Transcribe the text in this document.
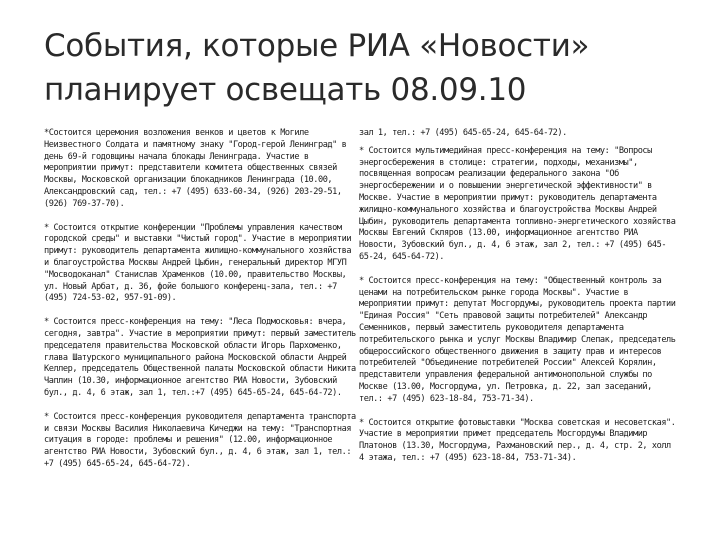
События, которые РИА «Новости» планирует освещать 08.09.10

*Состоится церемония возложения венков и цветов к Могиле Неизвестного Солдата и памятному знаку "Город-герой Ленинград" в день 69-й годовщины начала блокады Ленинграда. Участие в мероприятии примут: представители комитета общественных связей Москвы, Московской организации блокадников Ленинграда (10.00, Александровский сад, тел.: +7 (495) 633-60-34, (926) 203-29-51, (926) 769-37-70).

* Состоится открытие конференции "Проблемы управления качеством городской среды" и выставки "Чистый город". Участие в мероприятии примут: руководитель департамента жилищно-коммунального хозяйства и благоустройства Москвы Андрей Цыбин, генеральный директор МГУП "Мосводоканал" Станислав Храменков (10.00, правительство Москвы, ул. Новый Арбат, д. 36, фойе большого конференц-зала, тел.: +7 (495) 724-53-02, 957-91-09).

* Состоится пресс-конференция на тему: "Леса Подмосковья: вчера, сегодня, завтра". Участие в мероприятии примут: первый заместитель председателя правительства Московской области Игорь Пархоменко, глава Шатурского муниципального района Московской области Андрей Келлер, председатель Общественной палаты Московской области Никита Чаплин (10.30, информационное агентство РИА Новости, Зубовский бул., д. 4, 6 этаж, зал 1, тел.:+7 (495) 645-65-24, 645-64-72).

* Состоится пресс-конференция руководителя департамента транспорта и связи Москвы Василия Николаевича Кичеджи на тему: "Транспортная ситуация в городе: проблемы и решения" (12.00, информационное агентство РИА Новости, Зубовский бул., д. 4, 6 этаж, зал 1, тел.: +7 (495) 645-65-24, 645-64-72).

зал 1, тел.: +7 (495) 645-65-24, 645-64-72).

* Состоится мультимедийная пресс-конференция на тему: "Вопросы энергосбережения в столице: стратегии, подходы, механизмы", посвященная вопросам реализации федерального закона "Об энергосбережении и о повышении энергетической эффективности" в Москве. Участие в мероприятии примут: руководитель департамента жилищно-коммунального хозяйства и благоустройства Москвы Андрей Цыбин, руководитель департамента топливно-энергетического хозяйства Москвы Евгений Скляров (13.00, информационное агентство РИА Новости, Зубовский бул., д. 4, 6 этаж, зал 2, тел.: +7 (495) 645-65-24, 645-64-72).

* Состоится пресс-конференция на тему: "Общественный контроль за ценами на потребительском рынке города Москвы". Участие в мероприятии примут: депутат Мосгордумы, руководитель проекта партии "Единая Россия" "Сеть правовой защиты потребителей" Александр Семенников, первый заместитель руководителя департамента потребительского рынка и услуг Москвы Владимир Слепак, председатель общероссийского общественного движения в защиту прав и интересов потребителей "Объединение потребителей России" Алексей Корялин, представители управления федеральной антимонопольной службы по Москве (13.00, Мосгордума, ул. Петровка, д. 22, зал заседаний, тел.: +7 (495) 623-18-84, 753-71-34).

* Состоится открытие фотовыставки "Москва советская и несоветская". Участие в мероприятии примет председатель Мосгордумы Владимир Платонов (13.30, Мосгордума, Рахмановский пер., д. 4, стр. 2, холл 4 этажа, тел.: +7 (495) 623-18-84, 753-71-34).
